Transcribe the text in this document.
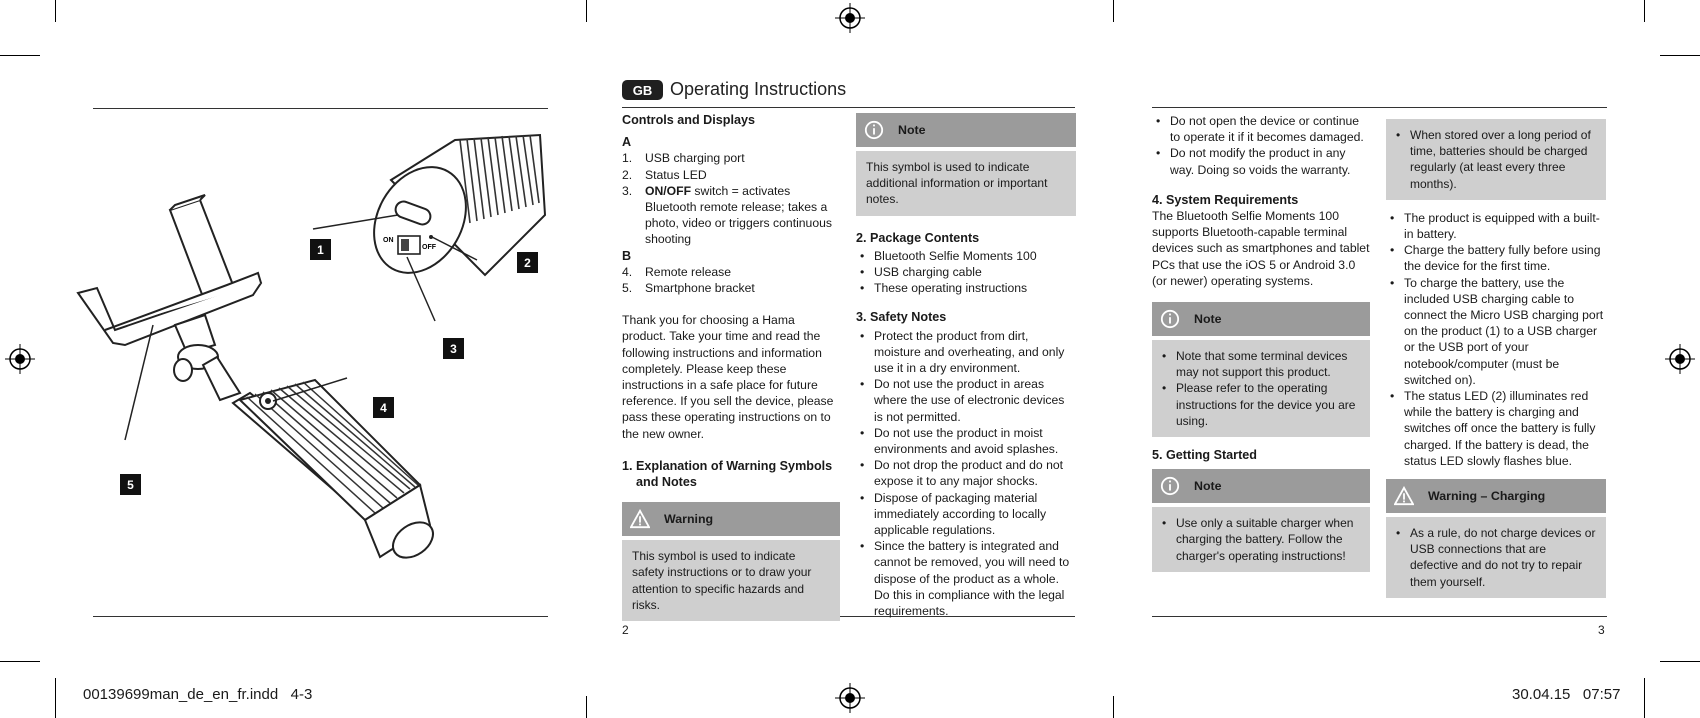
ON
OFF
1
2
3
4
5
GB Operating Instructions

Controls and Displays

A

1. USB charging port
2. Status LED
3. ON/OFF switch = activates Bluetooth remote release; takes a photo, video or triggers continuous shooting

B

4. Remote release
5. Smartphone bracket

Thank you for choosing a Hama product. Take your time and read the following instructions and information completely. Please keep these instructions in a safe place for future reference. If you sell the device, please pass these operating instructions on to the new owner.

1. Explanation of Warning Symbols and Notes
Warning
This symbol is used to indicate safety instructions or to draw your attention to specific hazards and risks.
Note
This symbol is used to indicate additional information or important notes.

2. Package Contents

• Bluetooth Selfie Moments 100
• USB charging cable
• These operating instructions

3. Safety Notes

• Protect the product from dirt, moisture and overheating, and only use it in a dry environment.
• Do not use the product in areas where the use of electronic devices is not permitted.
• Do not use the product in moist environments and avoid splashes.
• Do not drop the product and do not expose it to any major shocks.
• Dispose of packaging material immediately according to locally applicable regulations.
• Since the battery is integrated and cannot be removed, you will need to dispose of the product as a whole. Do this in compliance with the legal requirements.
• Do not open the device or continue to operate it if it becomes damaged.
• Do not modify the product in any way. Doing so voids the warranty.

4. System Requirements

The Bluetooth Selfie Moments 100 supports Bluetooth-capable terminal devices such as smartphones and tablet PCs that use the iOS 5 or Android 3.0 (or newer) operating systems.

Note
• Note that some terminal devices may not support this product.
• Please refer to the operating instructions for the device you are using.

5. Getting Started

Note
• Use only a suitable charger when charging the battery. Follow the charger's operating instructions!
• When stored over a long period of time, batteries should be charged regularly (at least every three months).
• The product is equipped with a built-in battery.
• Charge the battery fully before using the device for the first time.
• To charge the battery, use the included USB charging cable to connect the Micro USB charging port on the product (1) to a USB charger or the USB port of your notebook/computer (must be switched on).
• The status LED (2) illuminates red while the battery is charging and switches off once the battery is fully charged. If the battery is dead, the status LED slowly flashes blue.
Warning – Charging
• As a rule, do not charge devices or USB connections that are defective and do not try to repair them yourself.
2	3
00139699man_de_en_fr.indd   4-3	30.04.15   07:57
